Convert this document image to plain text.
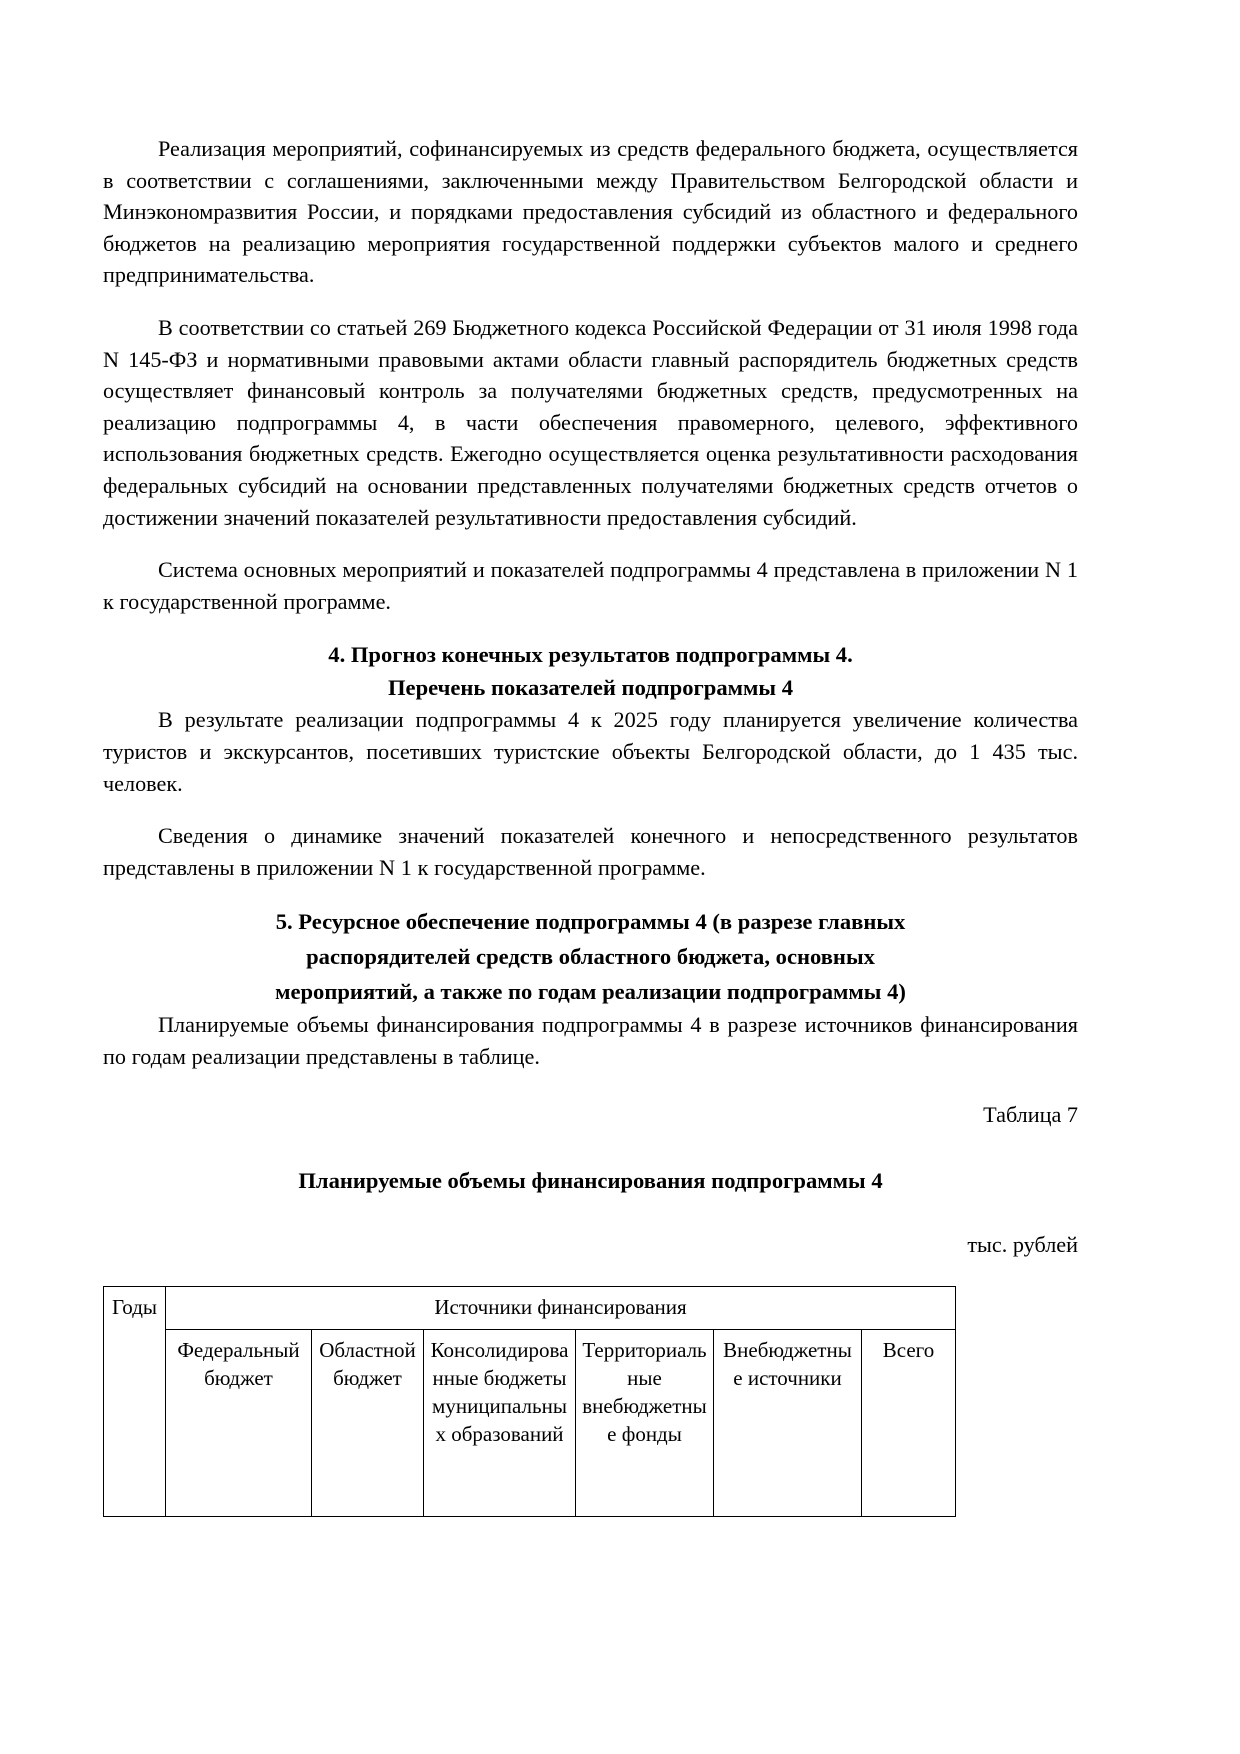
Реализация мероприятий, софинансируемых из средств федерального бюджета, осуществляется в соответствии с соглашениями, заключенными между Правительством Белгородской области и Минэкономразвития России, и порядками предоставления субсидий из областного и федерального бюджетов на реализацию мероприятия государственной поддержки субъектов малого и среднего предпринимательства.

В соответствии со статьей 269 Бюджетного кодекса Российской Федерации от 31 июля 1998 года N 145-ФЗ и нормативными правовыми актами области главный распорядитель бюджетных средств осуществляет финансовый контроль за получателями бюджетных средств, предусмотренных на реализацию подпрограммы 4, в части обеспечения правомерного, целевого, эффективного использования бюджетных средств. Ежегодно осуществляется оценка результативности расходования федеральных субсидий на основании представленных получателями бюджетных средств отчетов о достижении значений показателей результативности предоставления субсидий.

Система основных мероприятий и показателей подпрограммы 4 представлена в приложении N 1 к государственной программе.

4. Прогноз конечных результатов подпрограммы 4.
Перечень показателей подпрограммы 4

В результате реализации подпрограммы 4 к 2025 году планируется увеличение количества туристов и экскурсантов, посетивших туристские объекты Белгородской области, до 1 435 тыс. человек.

Сведения о динамике значений показателей конечного и непосредственного результатов представлены в приложении N 1 к государственной программе.

5. Ресурсное обеспечение подпрограммы 4 (в разрезе главных
распорядителей средств областного бюджета, основных
мероприятий, а также по годам реализации подпрограммы 4)

Планируемые объемы финансирования подпрограммы 4 в разрезе источников финансирования по годам реализации представлены в таблице.

Таблица 7

Планируемые объемы финансирования подпрограммы 4

тыс. рублей

Годы	Источники финансирования					
	Федеральный бюджет	Областной бюджет	Консолидированные бюджеты муниципальных образований	Территориальные внебюджетные фонды	Внебюджетные источники	Всего
